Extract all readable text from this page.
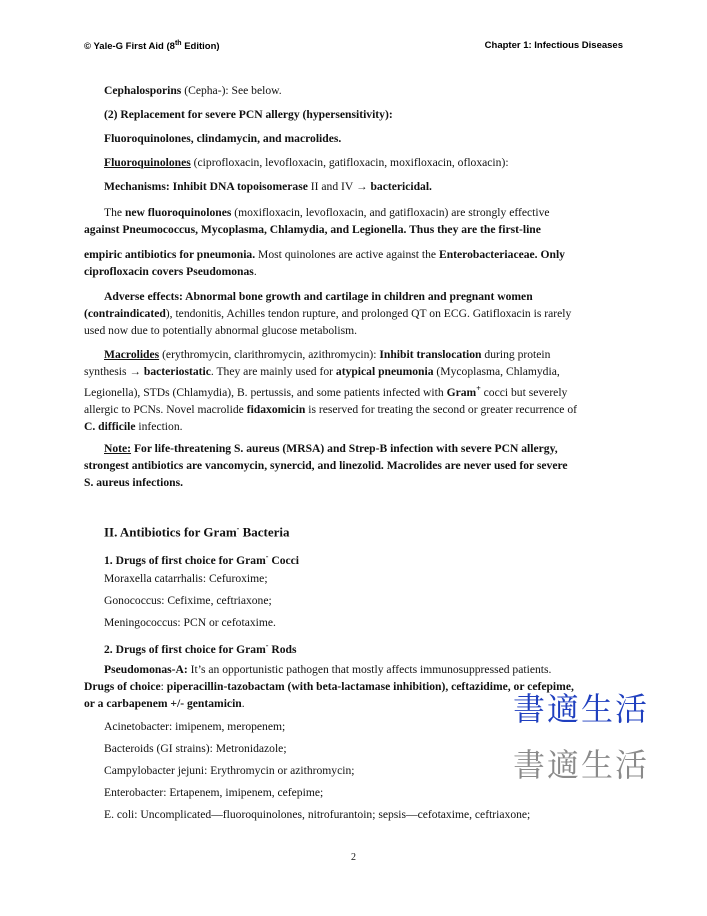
© Yale-G First Aid (8th Edition)	Chapter 1: Infectious Diseases
Cephalosporins (Cepha-): See below.
(2) Replacement for severe PCN allergy (hypersensitivity):
Fluoroquinolones, clindamycin, and macrolides.
Fluoroquinolones (ciprofloxacin, levofloxacin, gatifloxacin, moxifloxacin, ofloxacin):
Mechanisms: Inhibit DNA topoisomerase II and IV → bactericidal.
The new fluoroquinolones (moxifloxacin, levofloxacin, and gatifloxacin) are strongly effective
against Pneumococcus, Mycoplasma, Chlamydia, and Legionella. Thus they are the first-line
empiric antibiotics for pneumonia. Most quinolones are active against the Enterobacteriaceae. Only
ciprofloxacin covers Pseudomonas.
Adverse effects: Abnormal bone growth and cartilage in children and pregnant women
(contraindicated), tendonitis, Achilles tendon rupture, and prolonged QT on ECG. Gatifloxacin is rarely
used now due to potentially abnormal glucose metabolism.
Macrolides (erythromycin, clarithromycin, azithromycin): Inhibit translocation during protein
synthesis → bacteriostatic. They are mainly used for atypical pneumonia (Mycoplasma, Chlamydia,
Legionella), STDs (Chlamydia), B. pertussis, and some patients infected with Gram+ cocci but severely
allergic to PCNs. Novel macrolide fidaxomicin is reserved for treating the second or greater recurrence of
C. difficile infection.
Note: For life-threatening S. aureus (MRSA) and Strep-B infection with severe PCN allergy,
strongest antibiotics are vancomycin, synercid, and linezolid. Macrolides are never used for severe
S. aureus infections.
II. Antibiotics for Gram- Bacteria
1. Drugs of first choice for Gram- Cocci
Moraxella catarrhalis: Cefuroxime;
Gonococcus: Cefixime, ceftriaxone;
Meningococcus: PCN or cefotaxime.
2. Drugs of first choice for Gram- Rods
Pseudomonas-A: It’s an opportunistic pathogen that mostly affects immunosuppressed patients.
Drugs of choice: piperacillin-tazobactam (with beta-lactamase inhibition), ceftazidime, or cefepime,
or a carbapenem +/- gentamicin.
Acinetobacter: imipenem, meropenem;
Bacteroids (GI strains): Metronidazole;
Campylobacter jejuni: Erythromycin or azithromycin;
Enterobacter: Ertapenem, imipenem, cefepime;
E. coli: Uncomplicated—fluoroquinolones, nitrofurantoin; sepsis—cefotaxime, ceftriaxone;
書適生活
書適生活
2
